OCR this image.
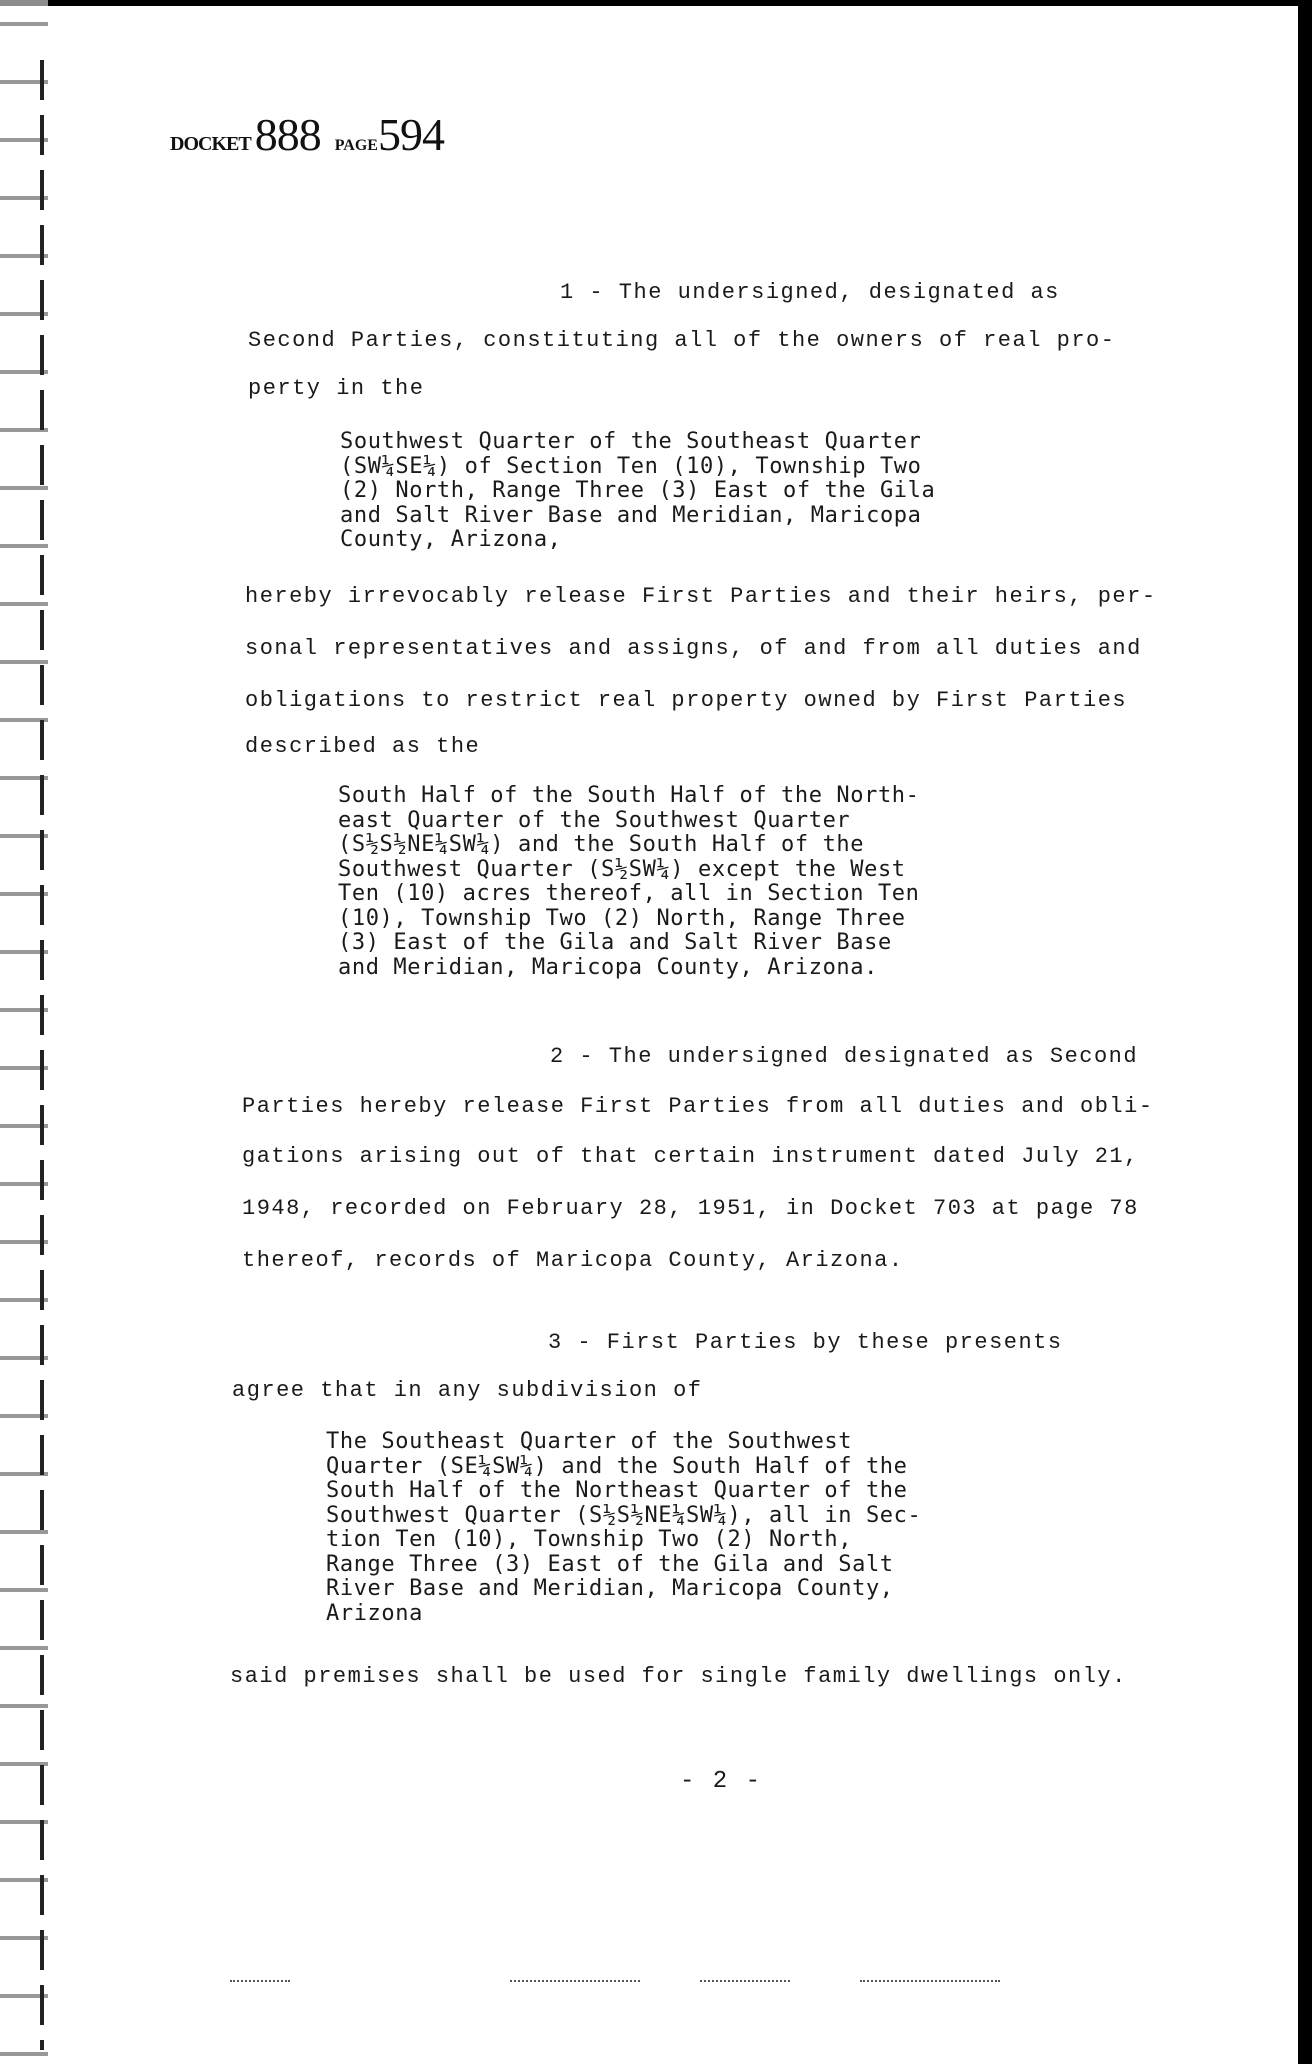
DOCKET 888 PAGE594
1 - The undersigned, designated as
Second Parties, constituting all of the owners of real pro-
perty in the
Southwest Quarter of the Southeast Quarter
(SW¼SE¼) of Section Ten (10), Township Two
(2) North, Range Three (3) East of the Gila
and Salt River Base and Meridian, Maricopa
County, Arizona,
hereby irrevocably release First Parties and their heirs, per-
sonal representatives and assigns, of and from all duties and
obligations to restrict real property owned by First Parties
described as the
South Half of the South Half of the North-
east Quarter of the Southwest Quarter
(S½S½NE¼SW¼) and the South Half of the
Southwest Quarter (S½SW¼) except the West
Ten (10) acres thereof, all in Section Ten
(10), Township Two (2) North, Range Three
(3) East of the Gila and Salt River Base
and Meridian, Maricopa County, Arizona.
2 - The undersigned designated as Second
Parties hereby release First Parties from all duties and obli-
gations arising out of that certain instrument dated July 21,
1948, recorded on February 28, 1951, in Docket 703 at page 78
thereof, records of Maricopa County, Arizona.
3 - First Parties by these presents
agree that in any subdivision of
The Southeast Quarter of the Southwest
Quarter (SE¼SW¼) and the South Half of the
South Half of the Northeast Quarter of the
Southwest Quarter (S½S½NE¼SW¼), all in Sec-
tion Ten (10), Township Two (2) North,
Range Three (3) East of the Gila and Salt
River Base and Meridian, Maricopa County,
Arizona
said premises shall be used for single family dwellings only.
- 2 -
